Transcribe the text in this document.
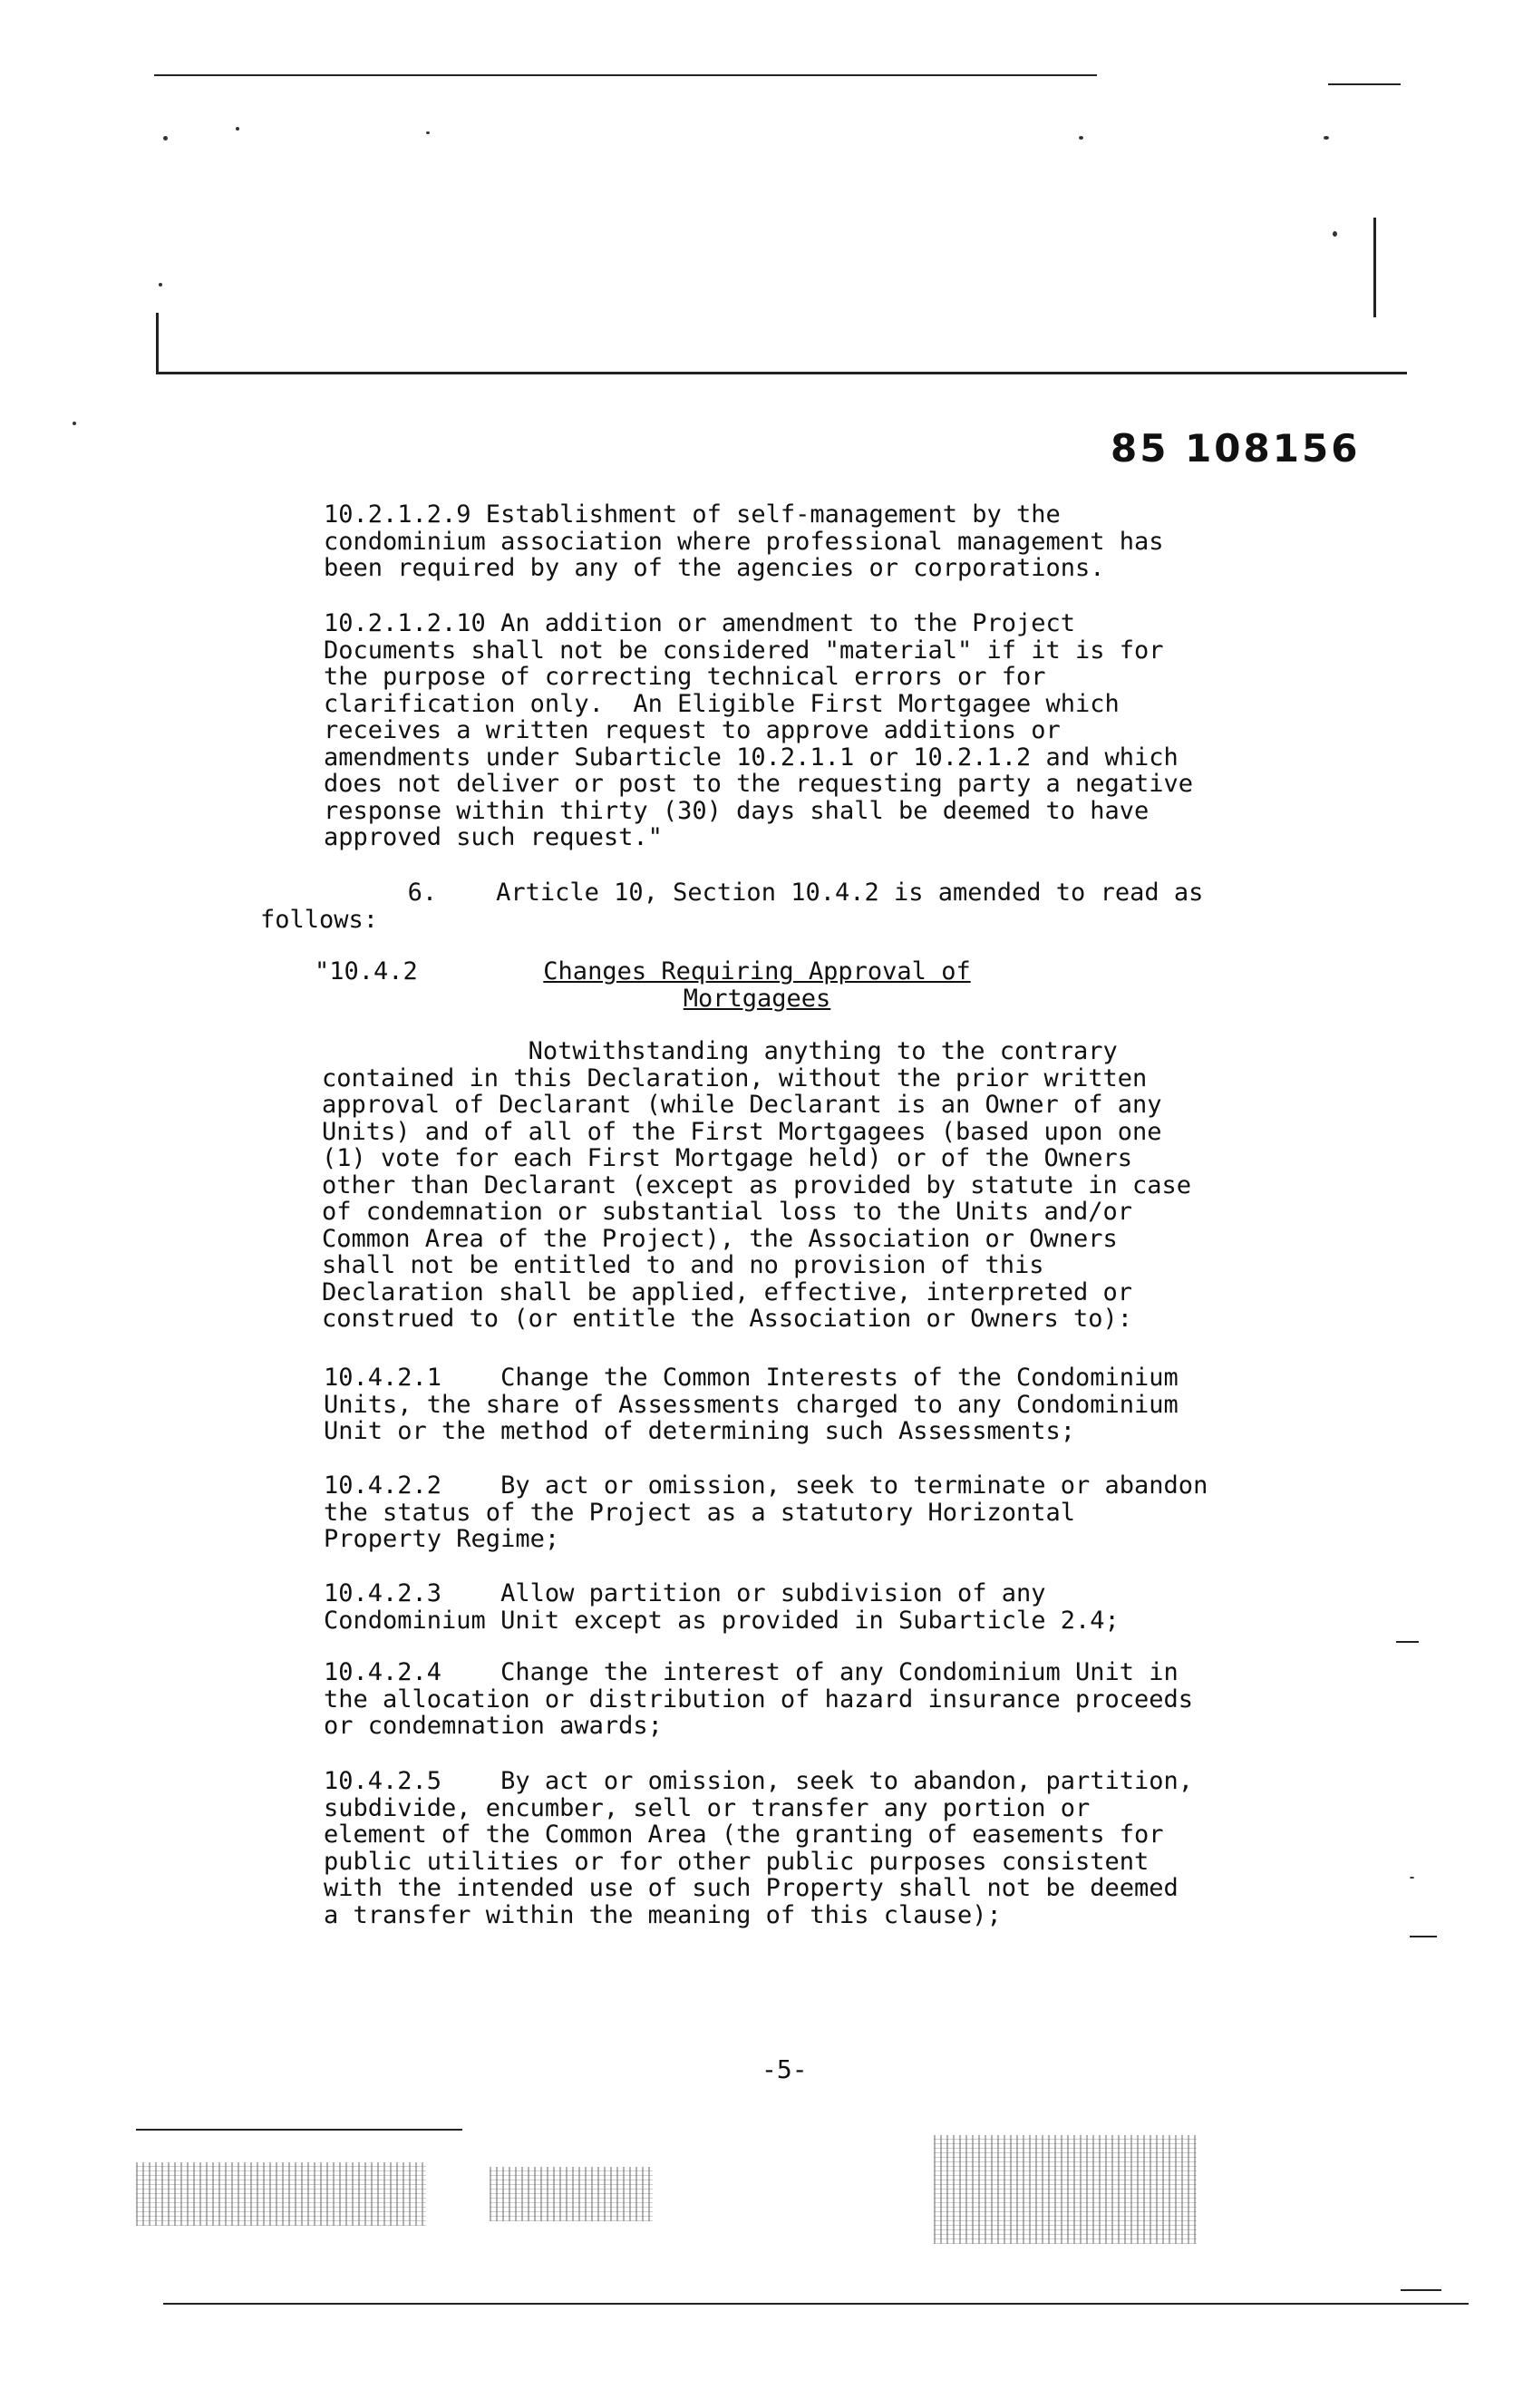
85 108156
10.2.1.2.9 Establishment of self-management by the
condominium association where professional management has
been required by any of the agencies or corporations.
10.2.1.2.10 An addition or amendment to the Project
Documents shall not be considered "material" if it is for
the purpose of correcting technical errors or for
clarification only.  An Eligible First Mortgagee which
receives a written request to approve additions or
amendments under Subarticle 10.2.1.1 or 10.2.1.2 and which
does not deliver or post to the requesting party a negative
response within thirty (30) days shall be deemed to have
approved such request."
6.    Article 10, Section 10.4.2 is amended to read as
follows:
"10.4.2	Changes Requiring Approval of
Mortgagees
Notwithstanding anything to the contrary
contained in this Declaration, without the prior written
approval of Declarant (while Declarant is an Owner of any
Units) and of all of the First Mortgagees (based upon one
(1) vote for each First Mortgage held) or of the Owners
other than Declarant (except as provided by statute in case
of condemnation or substantial loss to the Units and/or
Common Area of the Project), the Association or Owners
shall not be entitled to and no provision of this
Declaration shall be applied, effective, interpreted or
construed to (or entitle the Association or Owners to):
10.4.2.1    Change the Common Interests of the Condominium
Units, the share of Assessments charged to any Condominium
Unit or the method of determining such Assessments;
10.4.2.2    By act or omission, seek to terminate or abandon
the status of the Project as a statutory Horizontal
Property Regime;
10.4.2.3    Allow partition or subdivision of any
Condominium Unit except as provided in Subarticle 2.4;
10.4.2.4    Change the interest of any Condominium Unit in
the allocation or distribution of hazard insurance proceeds
or condemnation awards;
10.4.2.5    By act or omission, seek to abandon, partition,
subdivide, encumber, sell or transfer any portion or
element of the Common Area (the granting of easements for
public utilities or for other public purposes consistent
with the intended use of such Property shall not be deemed
a transfer within the meaning of this clause);
-5-
